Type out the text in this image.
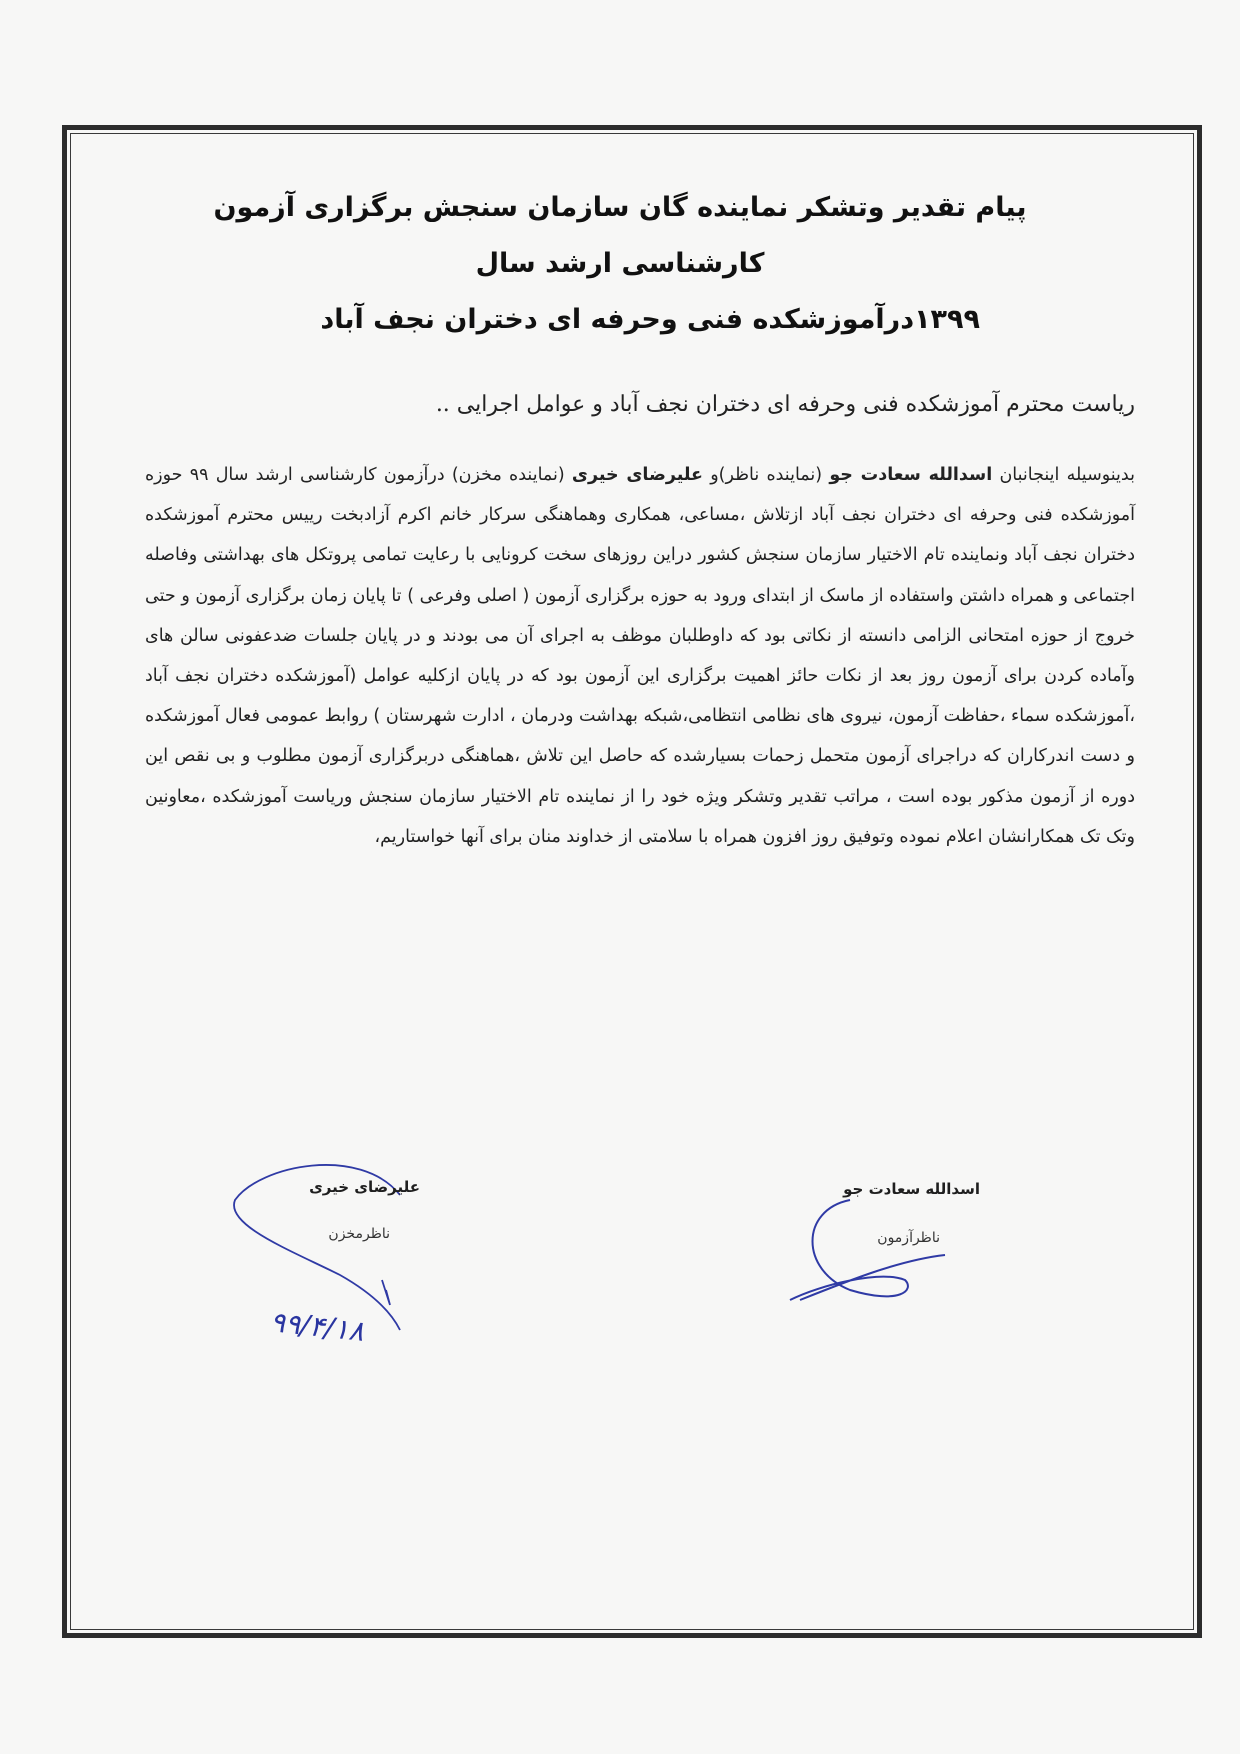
پیام تقدیر وتشکر نماینده گان سازمان سنجش برگزاری آزمون کارشناسی ارشد سال
۱۳۹۹درآموزشکده فنی وحرفه ای دختران نجف آباد
ریاست محترم آموزشکده فنی وحرفه ای دختران نجف آباد و عوامل اجرایی ..
بدینوسیله اینجانبان اسدالله سعادت جو (نماینده ناظر)و علیرضای خیری (نماینده مخزن) درآزمون کارشناسی ارشد سال ۹۹ حوزه آموزشکده فنی وحرفه ای دختران نجف آباد ازتلاش ،مساعی، همکاری وهماهنگی سرکار خانم اکرم آزادبخت رییس محترم آموزشکده دختران نجف آباد ونماینده تام الاختیار سازمان سنجش کشور دراین روزهای سخت کرونایی با رعایت تمامی پروتکل های بهداشتی وفاصله اجتماعی و همراه داشتن واستفاده از ماسک از ابتدای ورود به حوزه برگزاری آزمون ( اصلی وفرعی ) تا پایان زمان برگزاری آزمون و حتی خروج از حوزه امتحانی الزامی دانسته از نکاتی بود که داوطلبان موظف به اجرای آن می بودند و در پایان جلسات ضدعفونی سالن های وآماده کردن برای آزمون روز بعد از نکات حائز اهمیت برگزاری این آزمون بود که در پایان ازکلیه عوامل (آموزشکده دختران نجف آباد ،آموزشکده سماء ،حفاظت آزمون، نیروی های نظامی انتظامی،شبکه بهداشت ودرمان ، ادارت شهرستان ) روابط عمومی فعال آموزشکده و دست اندرکاران که دراجرای آزمون متحمل زحمات بسیارشده که حاصل این تلاش ،هماهنگی دربرگزاری آزمون مطلوب و بی نقص این دوره از آزمون مذکور بوده است ، مراتب تقدیر وتشکر ویژه خود را از نماینده تام الاختیار سازمان سنجش وریاست آموزشکده ،معاونین وتک تک همکارانشان اعلام نموده وتوفیق روز افزون همراه با سلامتی از خداوند منان برای آنها خواستاریم،
علیرضای خیری
ناظرمخزن
اسدالله سعادت جو
ناظرآزمون
۹۹/۴/۱۸
